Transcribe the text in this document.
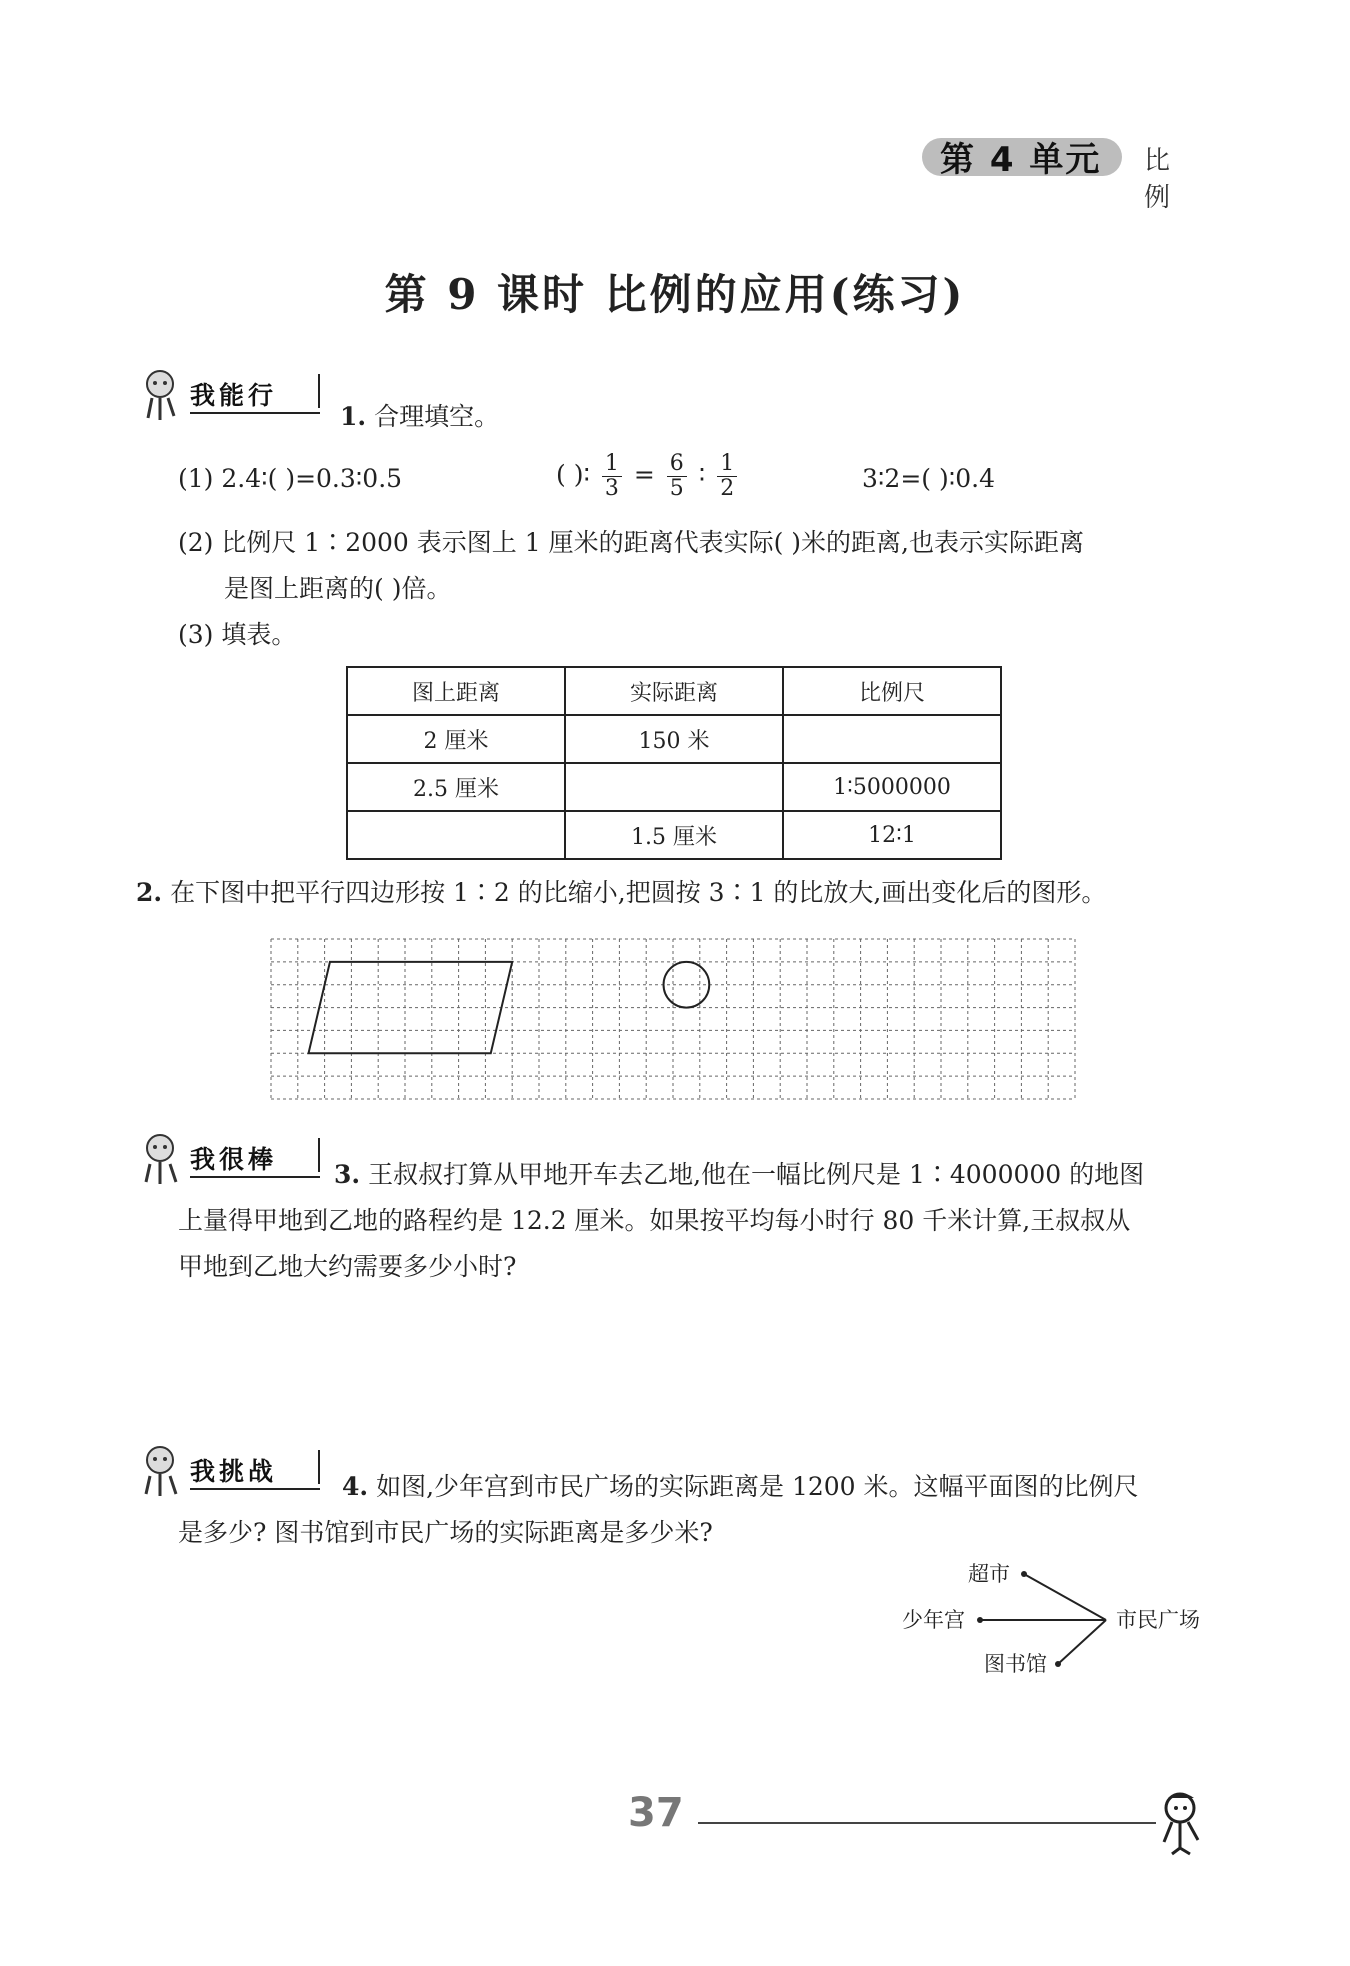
第 4 单元 比例
第 9 课时 比例的应用(练习)
我能行
1. 合理填空。
(1) 2.4∶( )=0.3∶0.5	( )∶ $\frac{1}{3} = \frac{6}{5}$ ∶ $\frac{1}{2}$	3∶2=( )∶0.4
(2) 比例尺 1∶2000 表示图上 1 厘米的距离代表实际( )米的距离,也表示实际距离
是图上距离的( )倍。
(3) 填表。
图上距离	实际距离	比例尺
2 厘米	150 米	
2.5 厘米		1∶5000000
	1.5 厘米	12∶1
2. 在下图中把平行四边形按 1∶2 的比缩小,把圆按 3∶1 的比放大,画出变化后的图形。
我很棒
3. 王叔叔打算从甲地开车去乙地,他在一幅比例尺是 1∶4000000 的地图
上量得甲地到乙地的路程约是 12.2 厘米。如果按平均每小时行 80 千米计算,王叔叔从
甲地到乙地大约需要多少小时?
我挑战
4. 如图,少年宫到市民广场的实际距离是 1200 米。这幅平面图的比例尺
是多少? 图书馆到市民广场的实际距离是多少米?
超市
少年宫
图书馆
市民广场
37
